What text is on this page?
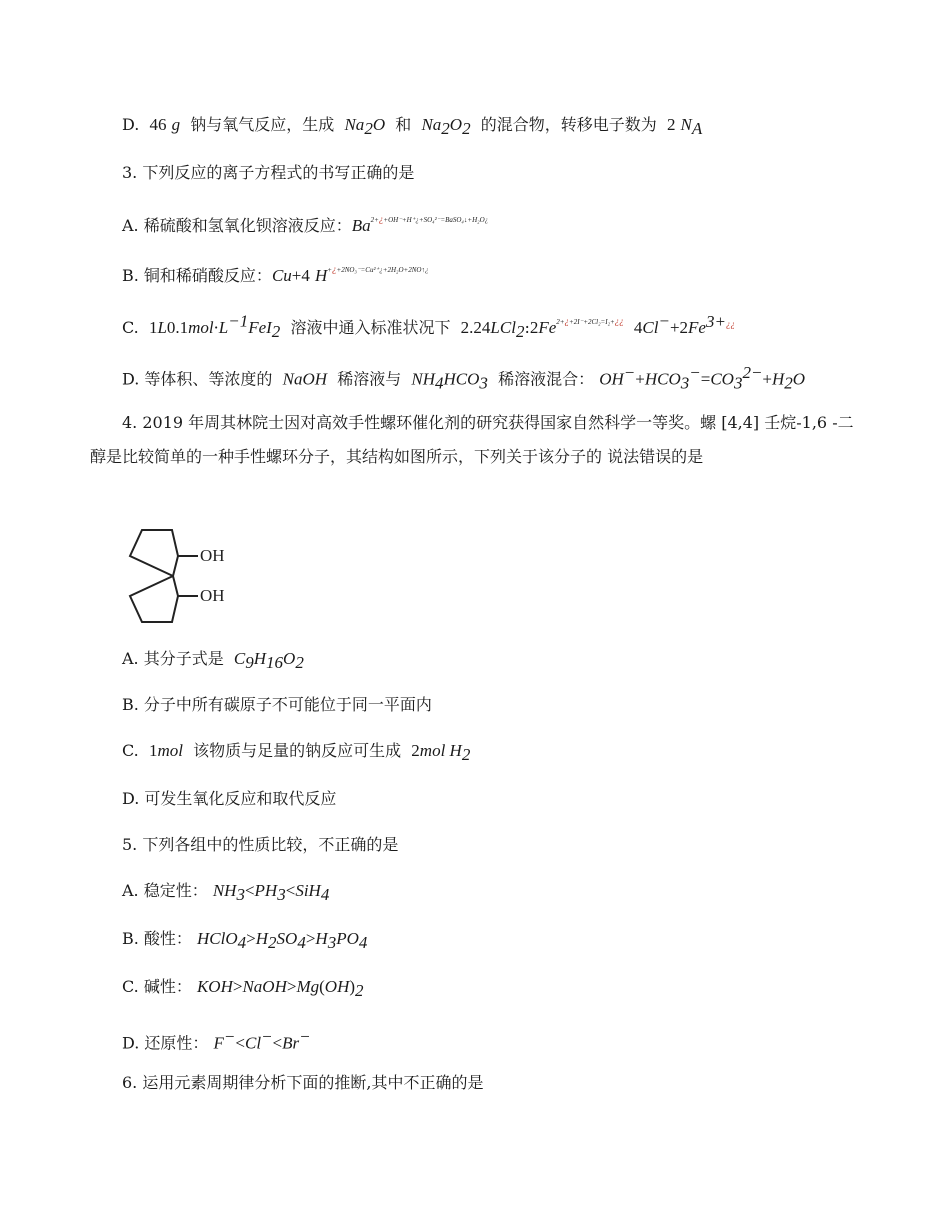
D.  46 g  钠与氧气反应，生成  $Na_2O$  和  $Na_2O_2$  的混合物，转移电子数为  2 $N_A$
3. 下列反应的离子方程式的书写正确的是
A. 稀硫酸和氢氧化钡溶液反应：$Ba^{2+¿+OH^-+H^+¿+SO_4^{2-}=BaSO_4↓+H_2O¿}$
B. 铜和稀硝酸反应：Cu+4 $H^{+¿+2NO_3^-=Cu^{2+}¿+2H_2O+2NO↑¿}$
C. $1L0.1mol\cdot L^{-1}FeI_2$ 溶液中通入标准状况下 $2.24LCl_2:2Fe^{2+¿+2I^-+2Cl_2=I_2+¿¿}$ $4Cl^-+2Fe^{3+¿¿}$
D. 等体积、等浓度的 NaOH 稀溶液与 $NH_4HCO_3$ 稀溶液混合： $OH^-+HCO_3^-=CO_3^{2-}+H_2O$
4. 2019 年周其林院士因对高效手性螺环催化剂的研究获得国家自然科学一等奖。螺 [4,4] 壬烷-1,6 -二醇是比较简单的一种手性螺环分子，其结构如图所示，下列关于该分子的 说法错误的是
OH
OH
A. 其分子式是 $C_9H_{16}O_2$
B. 分子中所有碳原子不可能位于同一平面内
C. 1mol 该物质与足量的钠反应可生成 2mol $H_2$
D. 可发生氧化反应和取代反应
5. 下列各组中的性质比较，不正确的是
A. 稳定性： $NH_3<PH_3<SiH_4$
B. 酸性： $HClO_4>H_2SO_4>H_3PO_4$
C. 碱性： $KOH>NaOH>Mg(OH)_2$
D. 还原性： F−<Cl−<Br−
6. 运用元素周期律分析下面的推断,其中不正确的是
